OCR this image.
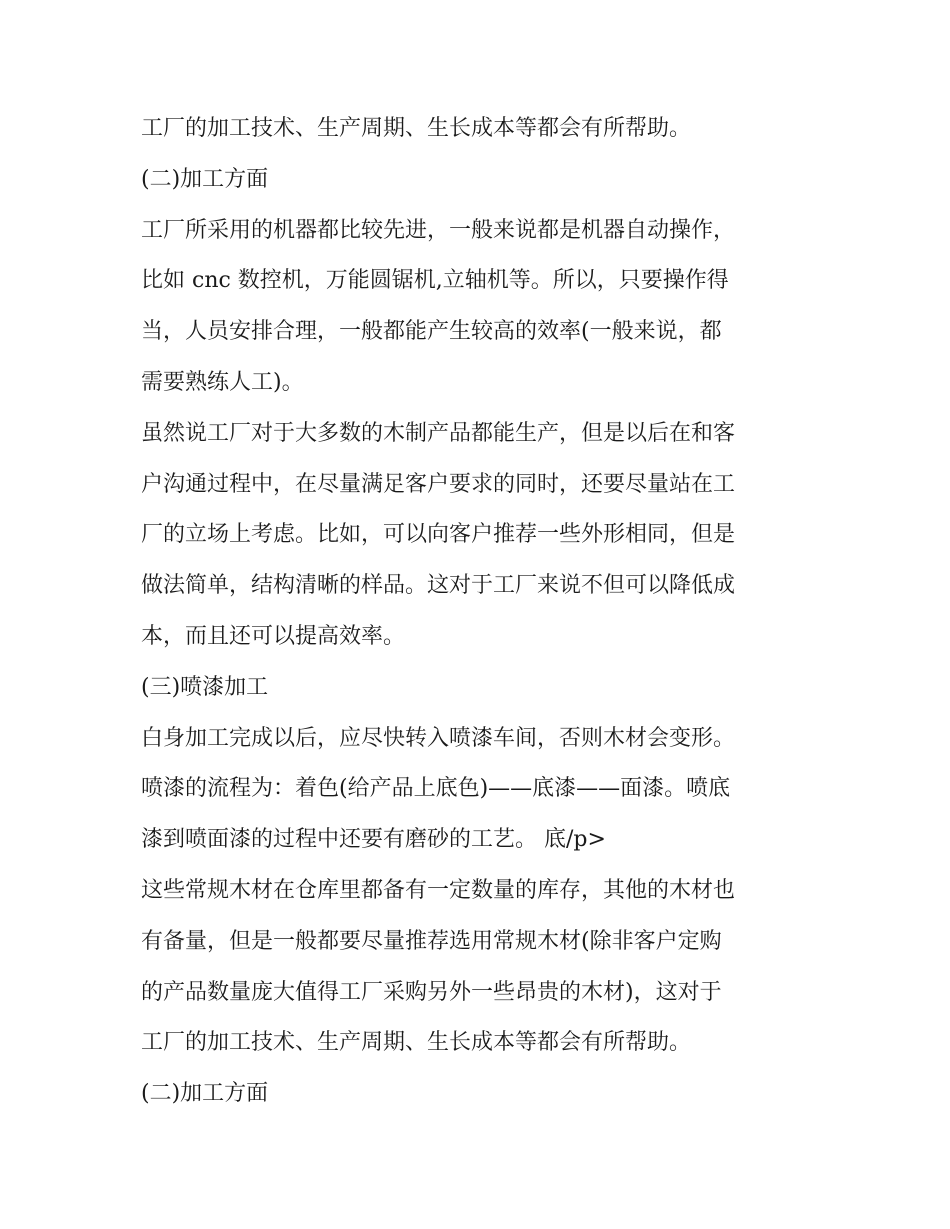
工厂的加工技术、生产周期、生长成本等都会有所帮助。
(二)加工方面
工厂所采用的机器都比较先进，一般来说都是机器自动操作，
比如 cnc 数控机，万能圆锯机,立轴机等。所以，只要操作得
当，人员安排合理，一般都能产生较高的效率(一般来说，都
需要熟练人工)。
虽然说工厂对于大多数的木制产品都能生产，但是以后在和客
户沟通过程中，在尽量满足客户要求的同时，还要尽量站在工
厂的立场上考虑。比如，可以向客户推荐一些外形相同，但是
做法简单，结构清晰的样品。这对于工厂来说不但可以降低成
本，而且还可以提高效率。
(三)喷漆加工
白身加工完成以后，应尽快转入喷漆车间，否则木材会变形。
喷漆的流程为：着色(给产品上底色)——底漆——面漆。喷底
漆到喷面漆的过程中还要有磨砂的工艺。 底/p>
这些常规木材在仓库里都备有一定数量的库存，其他的木材也
有备量，但是一般都要尽量推荐选用常规木材(除非客户定购
的产品数量庞大值得工厂采购另外一些昂贵的木材)，这对于
工厂的加工技术、生产周期、生长成本等都会有所帮助。
(二)加工方面
